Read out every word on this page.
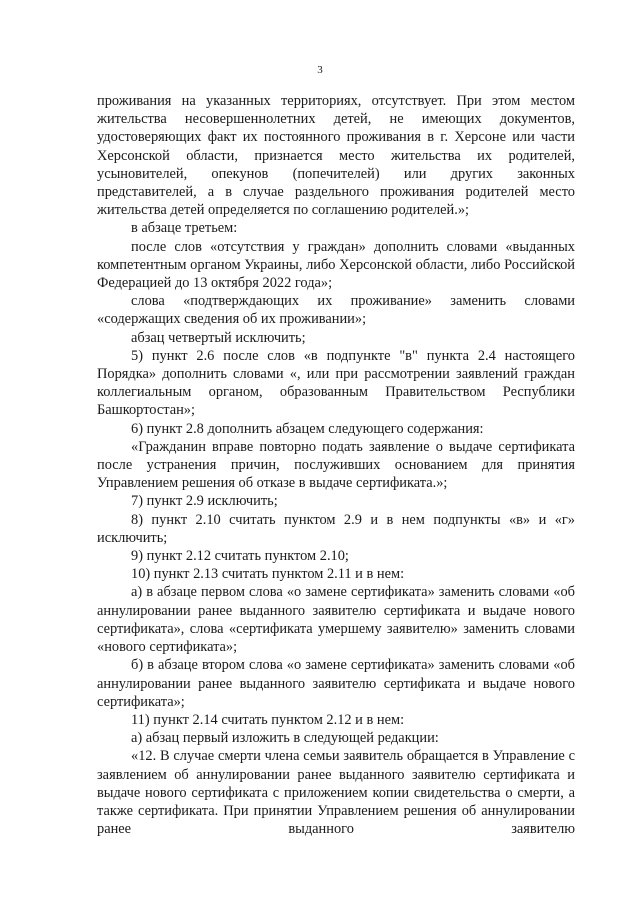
3

проживания на указанных территориях, отсутствует. При этом местом жительства несовершеннолетних детей, не имеющих документов, удостоверяющих факт их постоянного проживания в г. Херсоне или части Херсонской области, признается место жительства их родителей, усыновителей, опекунов (попечителей) или других законных представителей, а в случае раздельного проживания родителей место жительства детей определяется по соглашению родителей.»;

в абзаце третьем:

после слов «отсутствия у граждан» дополнить словами «выданных компетентным органом Украины, либо Херсонской области, либо Российской Федерацией до 13 октября 2022 года»;

слова «подтверждающих их проживание» заменить словами «содержащих сведения об их проживании»;

абзац четвертый исключить;

5) пункт 2.6 после слов «в подпункте "в" пункта 2.4 настоящего Порядка» дополнить словами «, или при рассмотрении заявлений граждан коллегиальным органом, образованным Правительством Республики Башкортостан»;

6) пункт 2.8 дополнить абзацем следующего содержания:

«Гражданин вправе повторно подать заявление о выдаче сертификата после устранения причин, послуживших основанием для принятия Управлением решения об отказе в выдаче сертификата.»;

7) пункт 2.9 исключить;

8) пункт 2.10 считать пунктом 2.9 и в нем подпункты «в» и «г» исключить;

9) пункт 2.12 считать пунктом 2.10;

10) пункт 2.13 считать пунктом 2.11 и в нем:

а) в абзаце первом слова «о замене сертификата» заменить словами «об аннулировании ранее выданного заявителю сертификата и выдаче нового сертификата», слова «сертификата умершему заявителю» заменить словами «нового сертификата»;

б) в абзаце втором слова «о замене сертификата» заменить словами «об аннулировании ранее выданного заявителю сертификата и выдаче нового сертификата»;

11) пункт 2.14 считать пунктом 2.12 и в нем:

а) абзац первый изложить в следующей редакции:

«12. В случае смерти члена семьи заявитель обращается в Управление с заявлением об аннулировании ранее выданного заявителю сертификата и выдаче нового сертификата с приложением копии свидетельства о смерти, а также сертификата. При принятии Управлением решения об аннулировании ранее выданного заявителю
